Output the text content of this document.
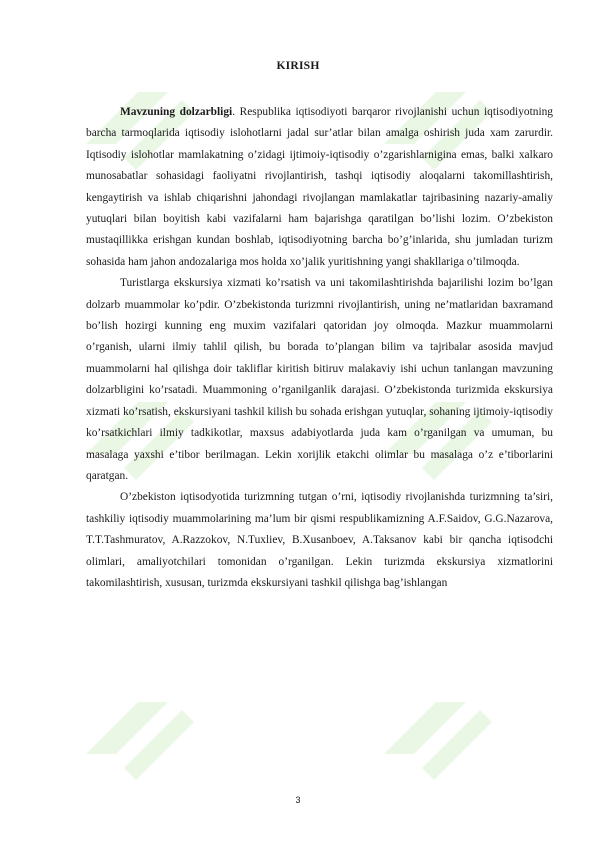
KIRISH

Mavzuning dolzarbligi. Respublika iqtisodiyoti barqaror rivojlanishi uchun iqtisodiyotning barcha tarmoqlarida iqtisodiy islohotlarni jadal sur’atlar bilan amalga oshirish juda xam zarurdir. Iqtisodiy islohotlar mamlakatning o’zidagi ijtimoiy-iqtisodiy o’zgarishlarnigina emas, balki xalkaro munosabatlar sohasidagi faoliyatni rivojlantirish, tashqi iqtisodiy aloqalarni takomillashtirish, kengaytirish va ishlab chiqarishni jahondagi rivojlangan mamlakatlar tajribasining nazariy-amaliy yutuqlari bilan boyitish kabi vazifalarni ham bajarishga qaratilgan bo’lishi lozim. O’zbekiston mustaqillikka erishgan kundan boshlab, iqtisodiyotning barcha bo’g’inlarida, shu jumladan turizm sohasida ham jahon andozalariga mos holda xo’jalik yuritishning yangi shakllariga o’tilmoqda.

Turistlarga ekskursiya xizmati ko’rsatish va uni takomilashtirishda bajarilishi lozim bo’lgan dolzarb muammolar ko’pdir. O’zbekistonda turizmni rivojlantirish, uning ne’matlaridan baxramand bo’lish hozirgi kunning eng muxim vazifalari qatoridan joy olmoqda. Mazkur muammolarni o’rganish, ularni ilmiy tahlil qilish, bu borada to’plangan bilim va tajribalar asosida mavjud muammolarni hal qilishga doir takliflar kiritish bitiruv malakaviy ishi uchun tanlangan mavzuning dolzarbligini ko’rsatadi. Muammoning o’rganilganlik darajasi. O’zbekistonda turizmida ekskursiya xizmati ko’rsatish, ekskursiyani tashkil kilish bu sohada erishgan yutuqlar, sohaning ijtimoiy-iqtisodiy ko’rsatkichlari ilmiy tadkikotlar, maxsus adabiyotlarda juda kam o’rganilgan va umuman, bu masalaga yaxshi e’tibor berilmagan. Lekin xorijlik etakchi olimlar bu masalaga o’z e’tiborlarini qaratgan.

O’zbekiston iqtisodyotida turizmning tutgan o’rni, iqtisodiy rivojlanishda turizmning ta’siri, tashkiliy iqtisodiy muammolarining ma’lum bir qismi respublikamizning A.F.Saidov, G.G.Nazarova, T.T.Tashmuratov, A.Razzokov, N.Tuxliev, B.Xusanboev, A.Taksanov kabi bir qancha iqtisodchi olimlari, amaliyotchilari tomonidan o’rganilgan. Lekin turizmda ekskursiya xizmatlorini takomilashtirish, xususan, turizmda ekskursiyani tashkil qilishga bag’ishlangan

3
